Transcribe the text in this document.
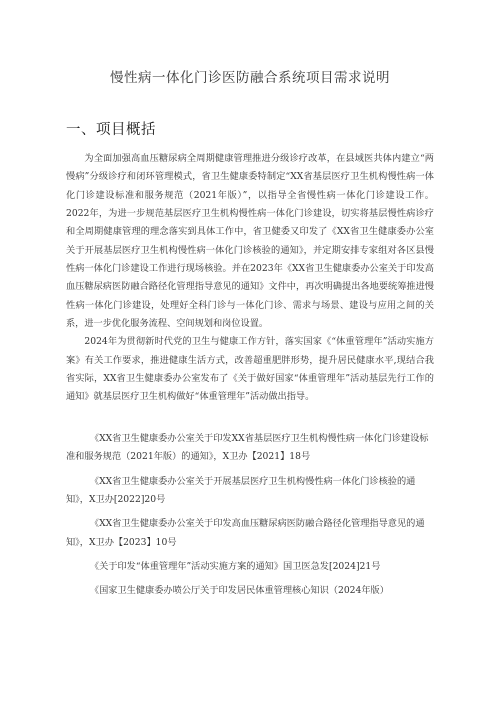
慢性病一体化门诊医防融合系统项目需求说明
一、项目概括

为全面加强高血压糖尿病全周期健康管理推进分级诊疗改革，在县域医共体内建立“两慢病”分级诊疗和闭环管理模式，省卫生健康委特制定“XX省基层医疗卫生机构慢性病一体化门诊建设标准和服务规范（2021年版）”，以指导全省慢性病一体化门诊建设工作。2022年，为进一步规范基层医疗卫生机构慢性病一体化门诊建设，切实将基层慢性病诊疗和全周期健康管理的理念落实到具体工作中，省卫健委又印发了《XX省卫生健康委办公室关于开展基层医疗卫生机构慢性病一体化门诊核验的通知》，并定期安排专家组对各区县慢性病一体化门诊建设工作进行现场核验。并在2023年《XX省卫生健康委办公室关于印发高血压糖尿病医防融合路径化管理指导意见的通知》文件中，再次明确提出各地要统筹推进慢性病一体化门诊建设，处理好全科门诊与一体化门诊、需求与场景、建设与应用之间的关系，进一步优化服务流程、空间规划和岗位设置。

2024年为贯彻新时代党的卫生与健康工作方针，落实国家《“体重管理年”活动实施方案》有关工作要求，推进健康生活方式，改善超重肥胖形势，提升居民健康水平,现结合我省实际，XX省卫生健康委办公室发布了《关于做好国家“体重管理年”活动基层先行工作的通知》就基层医疗卫生机构做好“体重管理年”活动做出指导。

《XX省卫生健康委办公室关于印发XX省基层医疗卫生机构慢性病一体化门诊建设标准和服务规范（2021年版）的通知》，X卫办【2021】18号

《XX省卫生健康委办公室关于开展基层医疗卫生机构慢性病一体化门诊核验的通知》，X卫办[2022]20号

《XX省卫生健康委办公室关于印发高血压糖尿病医防融合路径化管理指导意见的通知》，X卫办【2023】10号

《关于印发“体重管理年”活动实施方案的通知》国卫医急发[2024]21号

《国家卫生健康委办喷公厅关于印发居民体重管理核心知识（2024年版）
